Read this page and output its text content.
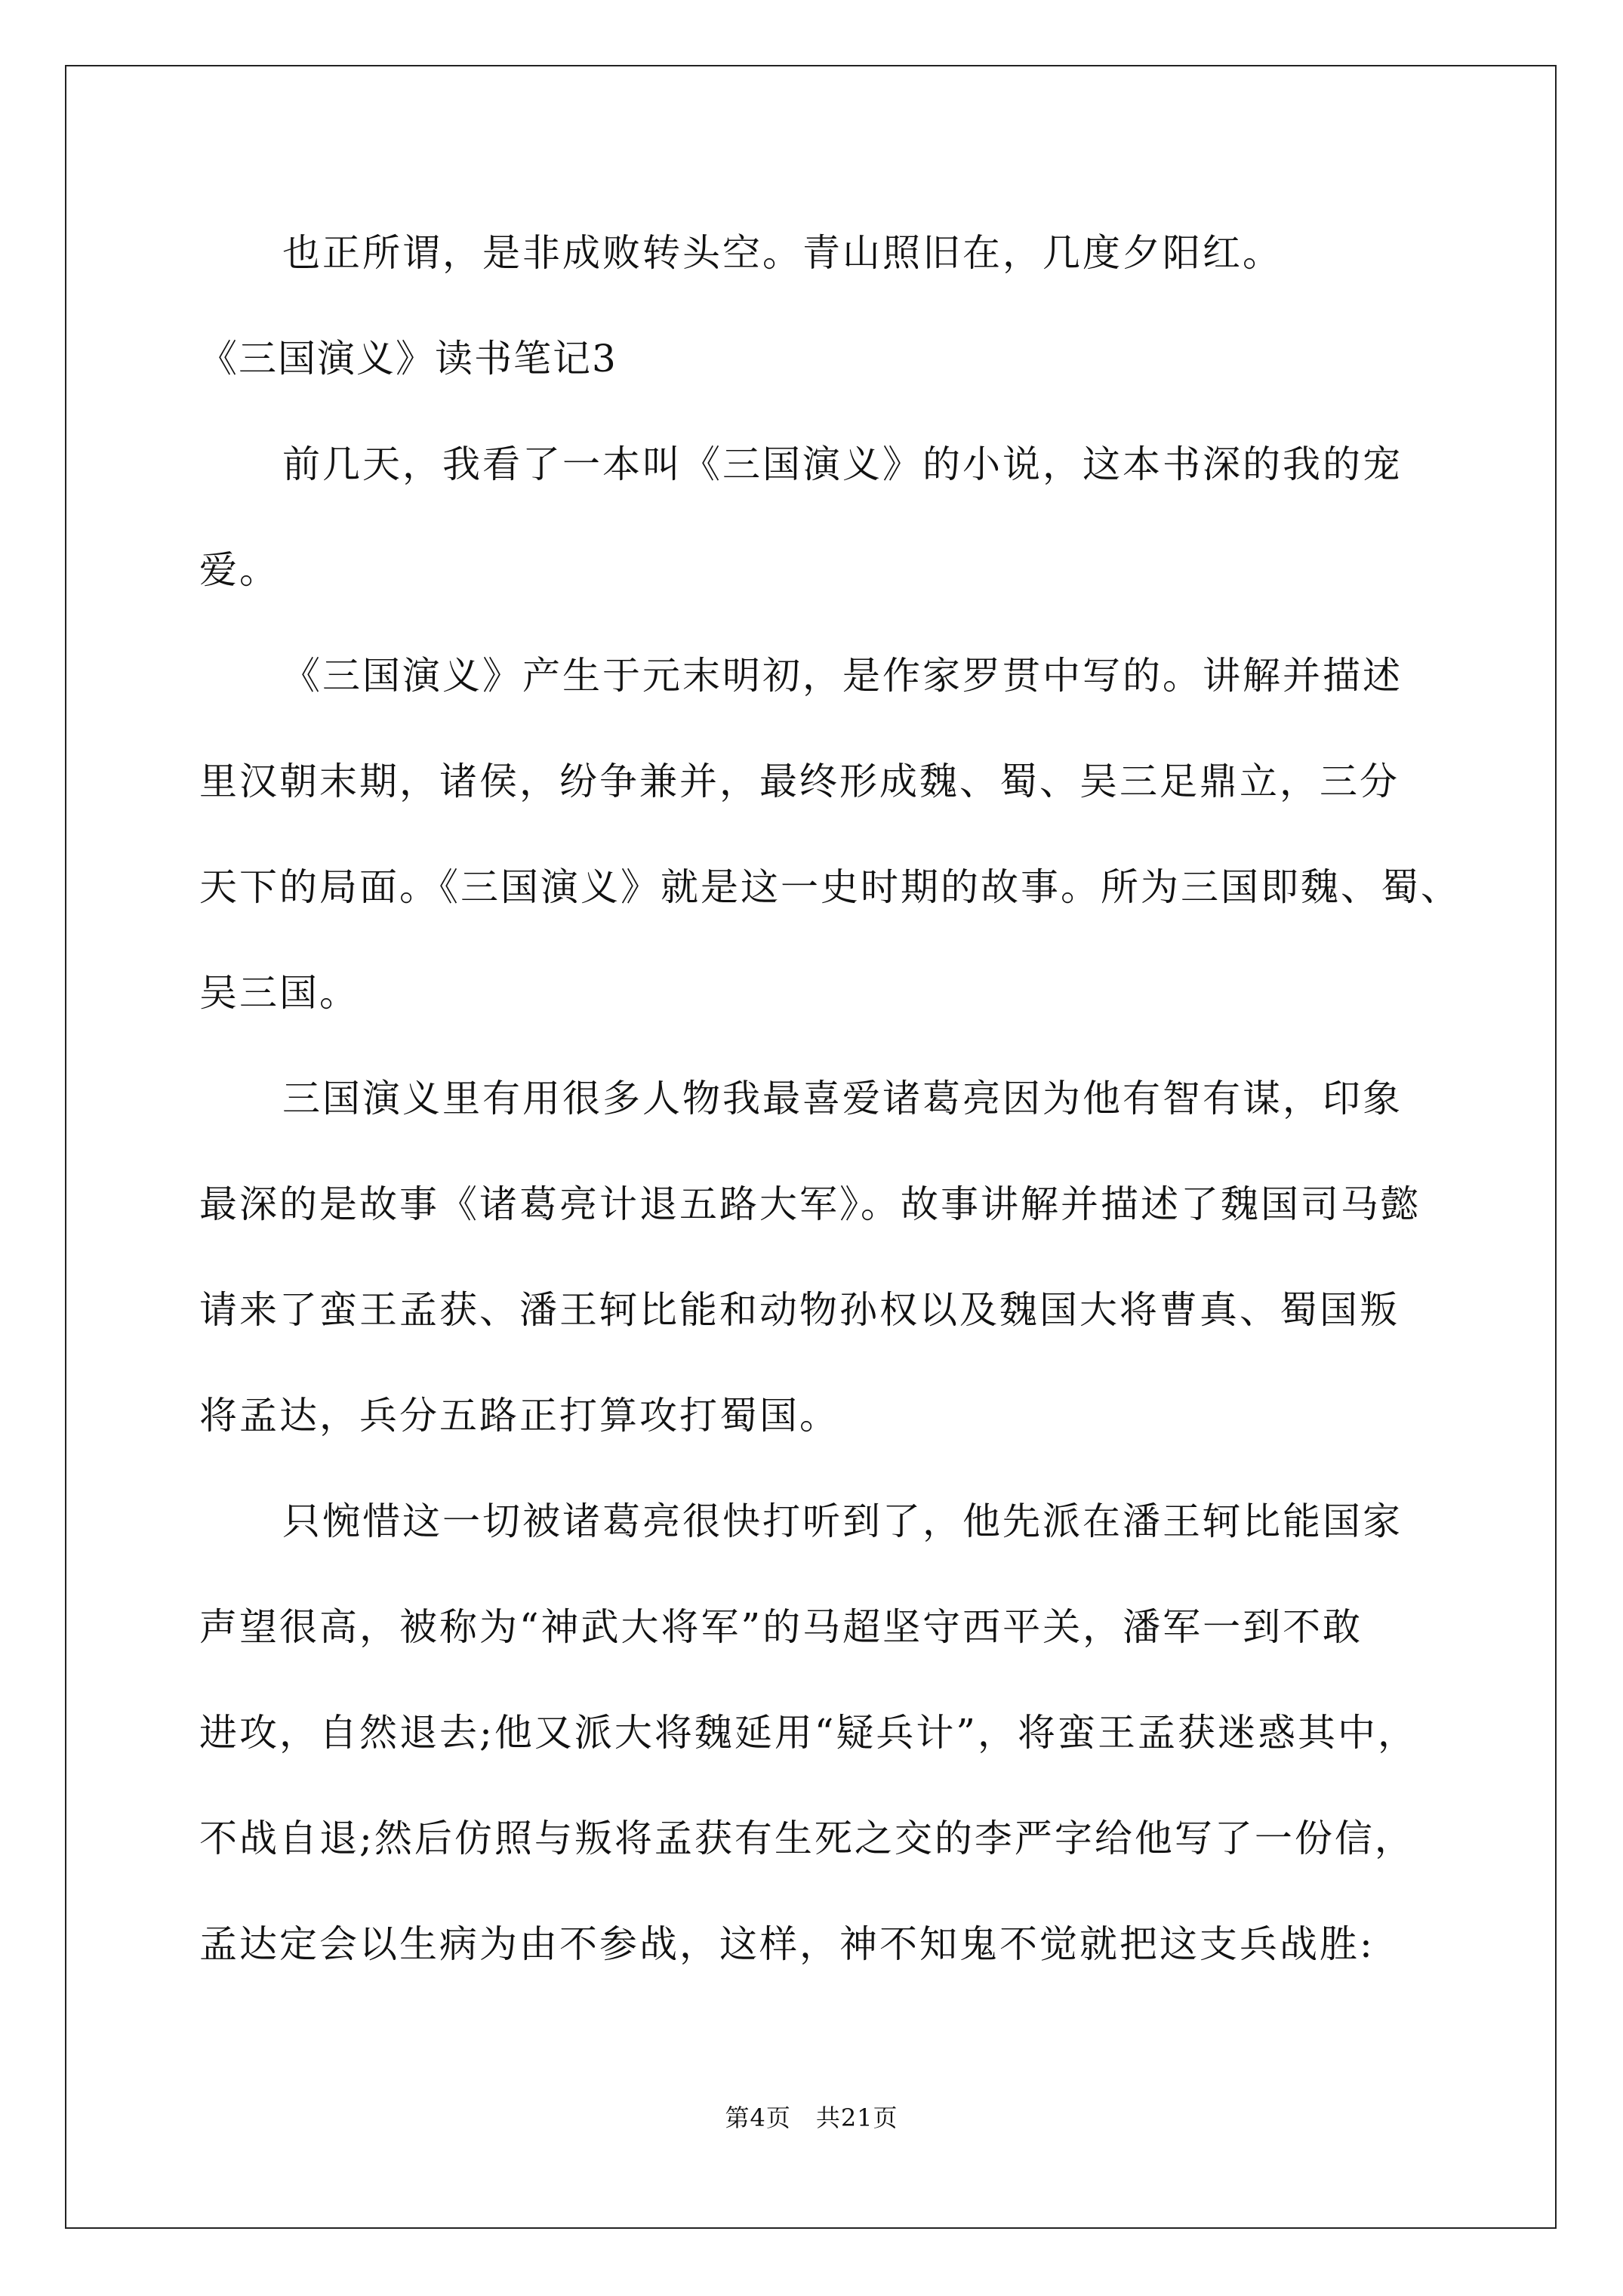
也正所谓，是非成败转头空。青山照旧在，几度夕阳红。
《三国演义》读书笔记3
前几天，我看了一本叫《三国演义》的小说，这本书深的我的宠
爱。
《三国演义》产生于元末明初，是作家罗贯中写的。讲解并描述
里汉朝末期，诸侯，纷争兼并，最终形成魏、蜀、吴三足鼎立，三分
天下的局面。《三国演义》就是这一史时期的故事。所为三国即魏、蜀、
吴三国。
三国演义里有用很多人物我最喜爱诸葛亮因为他有智有谋，印象
最深的是故事《诸葛亮计退五路大军》。故事讲解并描述了魏国司马懿
请来了蛮王孟获、潘王轲比能和动物孙权以及魏国大将曹真、蜀国叛
将孟达，兵分五路正打算攻打蜀国。
只惋惜这一切被诸葛亮很快打听到了，他先派在潘王轲比能国家
声望很高，被称为“神武大将军”的马超坚守西平关，潘军一到不敢
进攻，自然退去;他又派大将魏延用“疑兵计”，将蛮王孟获迷惑其中，
不战自退;然后仿照与叛将孟获有生死之交的李严字给他写了一份信，
孟达定会以生病为由不参战，这样，神不知鬼不觉就把这支兵战胜:
第4页　共21页
